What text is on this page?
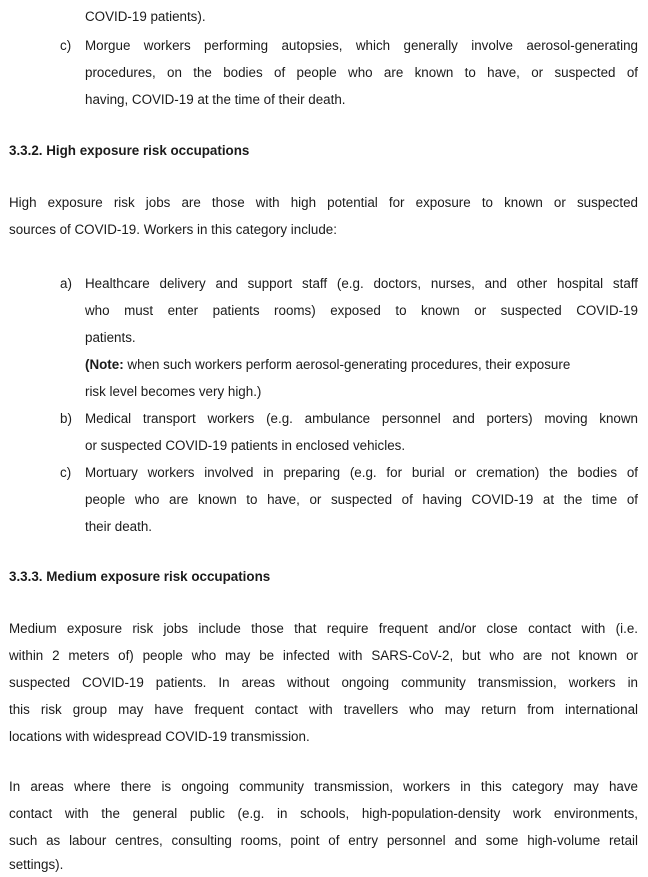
COVID-19 patients).
c) Morgue workers performing autopsies, which generally involve aerosol-generating
procedures, on the bodies of people who are known to have, or suspected of
having, COVID-19 at the time of their death.
3.3.2. High exposure risk occupations
High exposure risk jobs are those with high potential for exposure to known or suspected
sources of COVID-19. Workers in this category include:
a) Healthcare delivery and support staff (e.g. doctors, nurses, and other hospital staff
who must enter patients rooms) exposed to known or suspected COVID-19
patients.
(Note: when such workers perform aerosol-generating procedures, their exposure
risk level becomes very high.)
b) Medical transport workers (e.g. ambulance personnel and porters) moving known
or suspected COVID-19 patients in enclosed vehicles.
c) Mortuary workers involved in preparing (e.g. for burial or cremation) the bodies of
people who are known to have, or suspected of having COVID-19 at the time of
their death.
3.3.3. Medium exposure risk occupations
Medium exposure risk jobs include those that require frequent and/or close contact with (i.e.
within 2 meters of) people who may be infected with SARS-CoV-2, but who are not known or
suspected COVID-19 patients. In areas without ongoing community transmission, workers in
this risk group may have frequent contact with travellers who may return from international
locations with widespread COVID-19 transmission.
In areas where there is ongoing community transmission, workers in this category may have
contact with the general public (e.g. in schools, high-population-density work environments,
such as labour centres, consulting rooms, point of entry personnel and some high-volume retail
settings).
